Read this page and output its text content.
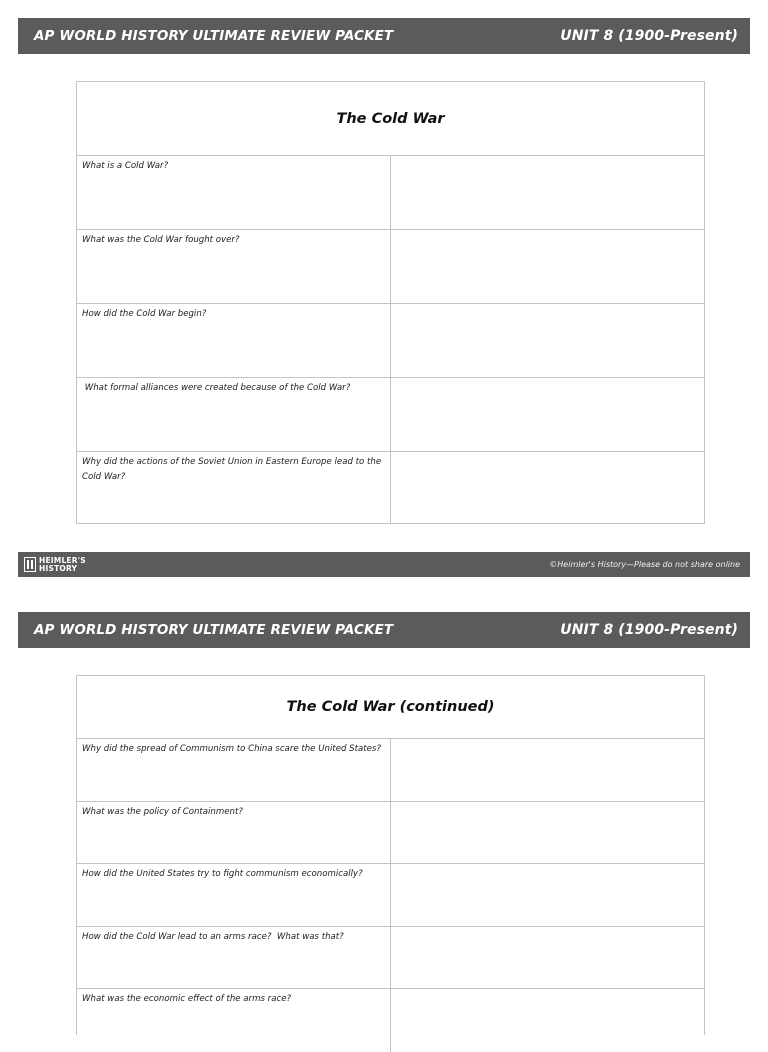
AP WORLD HISTORY ULTIMATE REVIEW PACKET	UNIT 8 (1900-Present)
The Cold War
What is a Cold War?
What was the Cold War fought over?
How did the Cold War begin?
What formal alliances were created because of the Cold War?
Why did the actions of the Soviet Union in Eastern Europe lead to the Cold War?
HEIMLER'S
HISTORY	©Heimler's History—Please do not share online
AP WORLD HISTORY ULTIMATE REVIEW PACKET	UNIT 8 (1900-Present)
The Cold War (continued)
Why did the spread of Communism to China scare the United States?
What was the policy of Containment?
How did the United States try to fight communism economically?
How did the Cold War lead to an arms race?  What was that?
What was the economic effect of the arms race?
